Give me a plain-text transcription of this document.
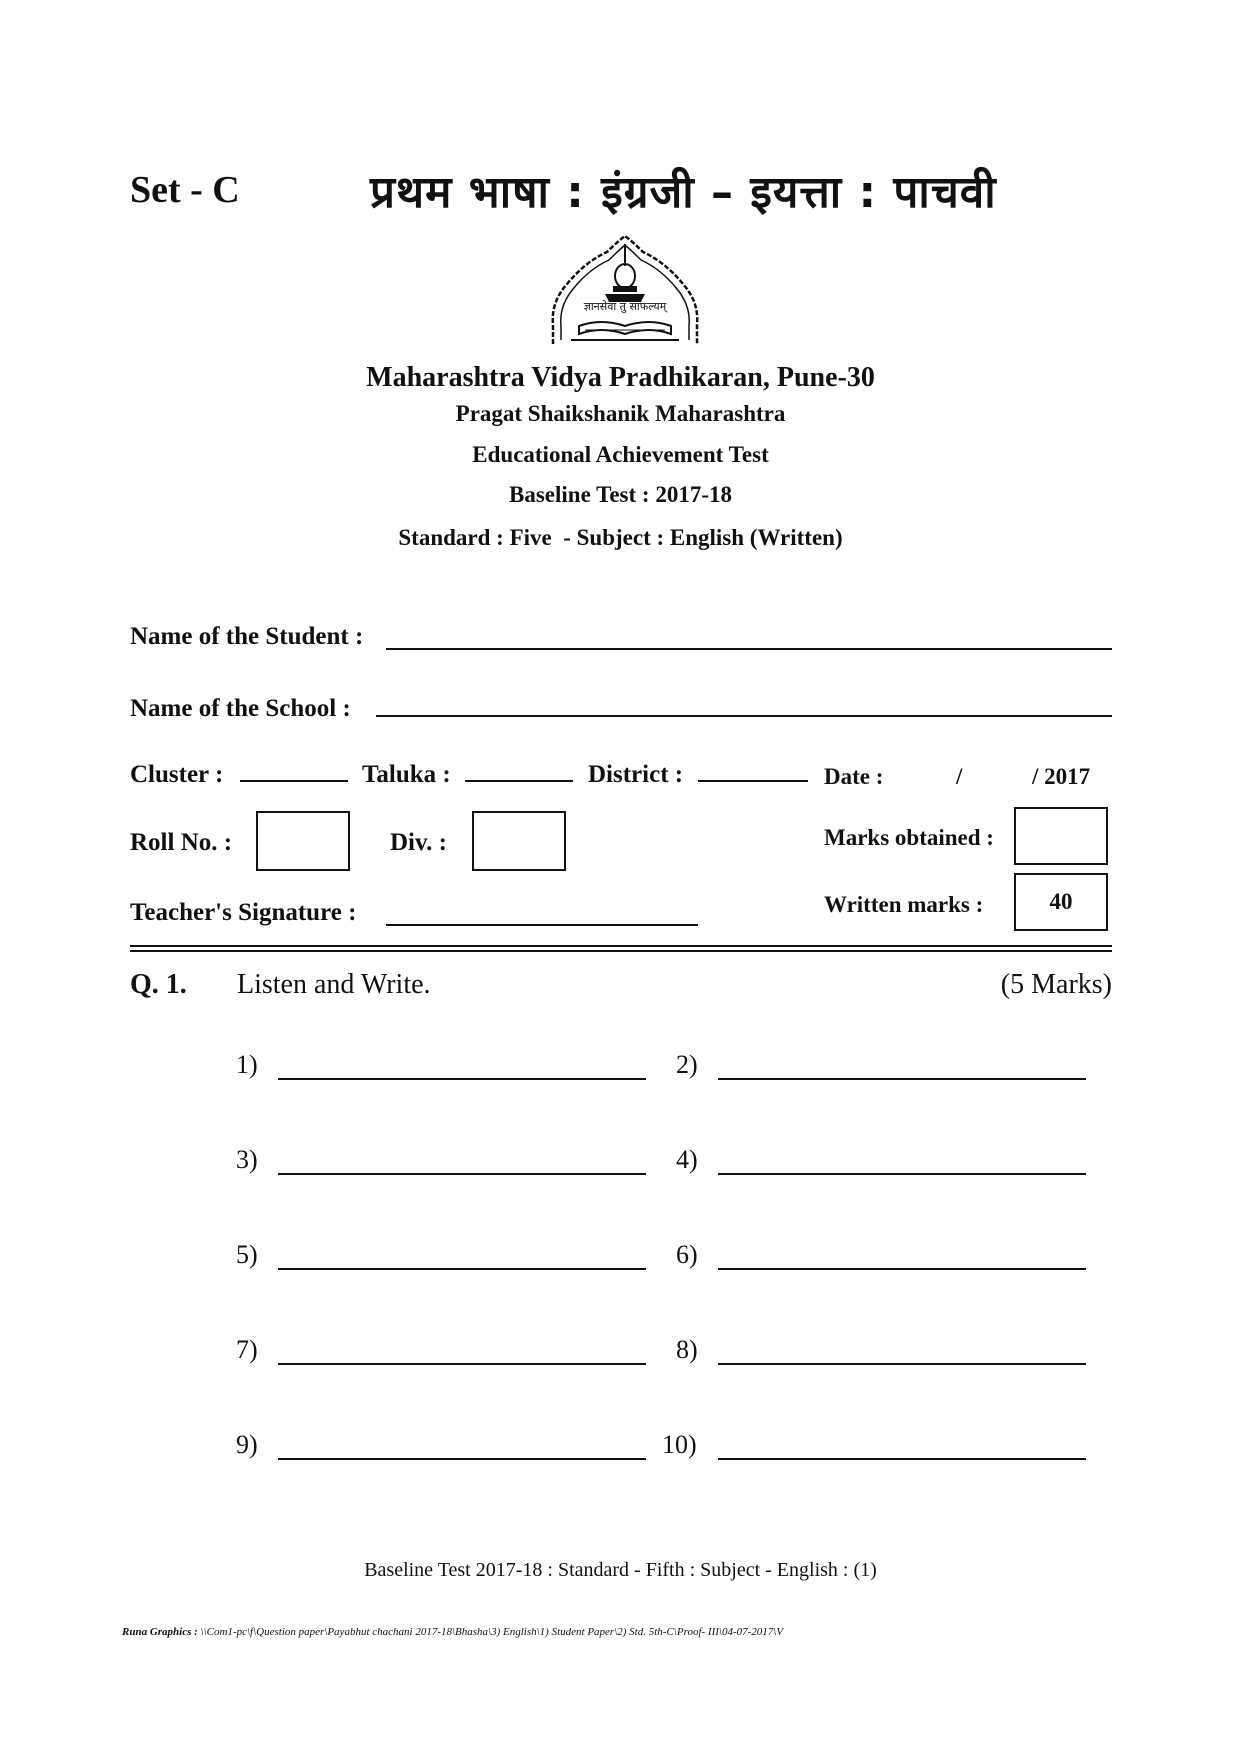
Set - C	प्रथम भाषा : इंग्रजी – इयत्ता : पाचवी
ज्ञानसेवा तु साफल्यम्
Maharashtra Vidya Pradhikaran, Pune-30
Pragat Shaikshanik Maharashtra
Educational Achievement Test
Baseline Test : 2017-18
Standard : Five  - Subject : English (Written)
Name of the Student :
Name of the School :
Cluster :	Taluka :	District :	Date :	/	/ 2017
Roll No. :	Div. :	Marks obtained :
Teacher's Signature :	Written marks :	40
Q. 1. Listen and Write.	(5 Marks)
1)	2)
3)	4)
5)	6)
7)	8)
9)	10)
Baseline Test 2017-18 : Standard - Fifth : Subject - English : (1)
Runa Graphics : \\Com1-pc\f\Question paper\Payabhut chachani 2017-18\Bhasha\3) English\1) Student Paper\2) Std. 5th-C\Proof- III\04-07-2017\V
